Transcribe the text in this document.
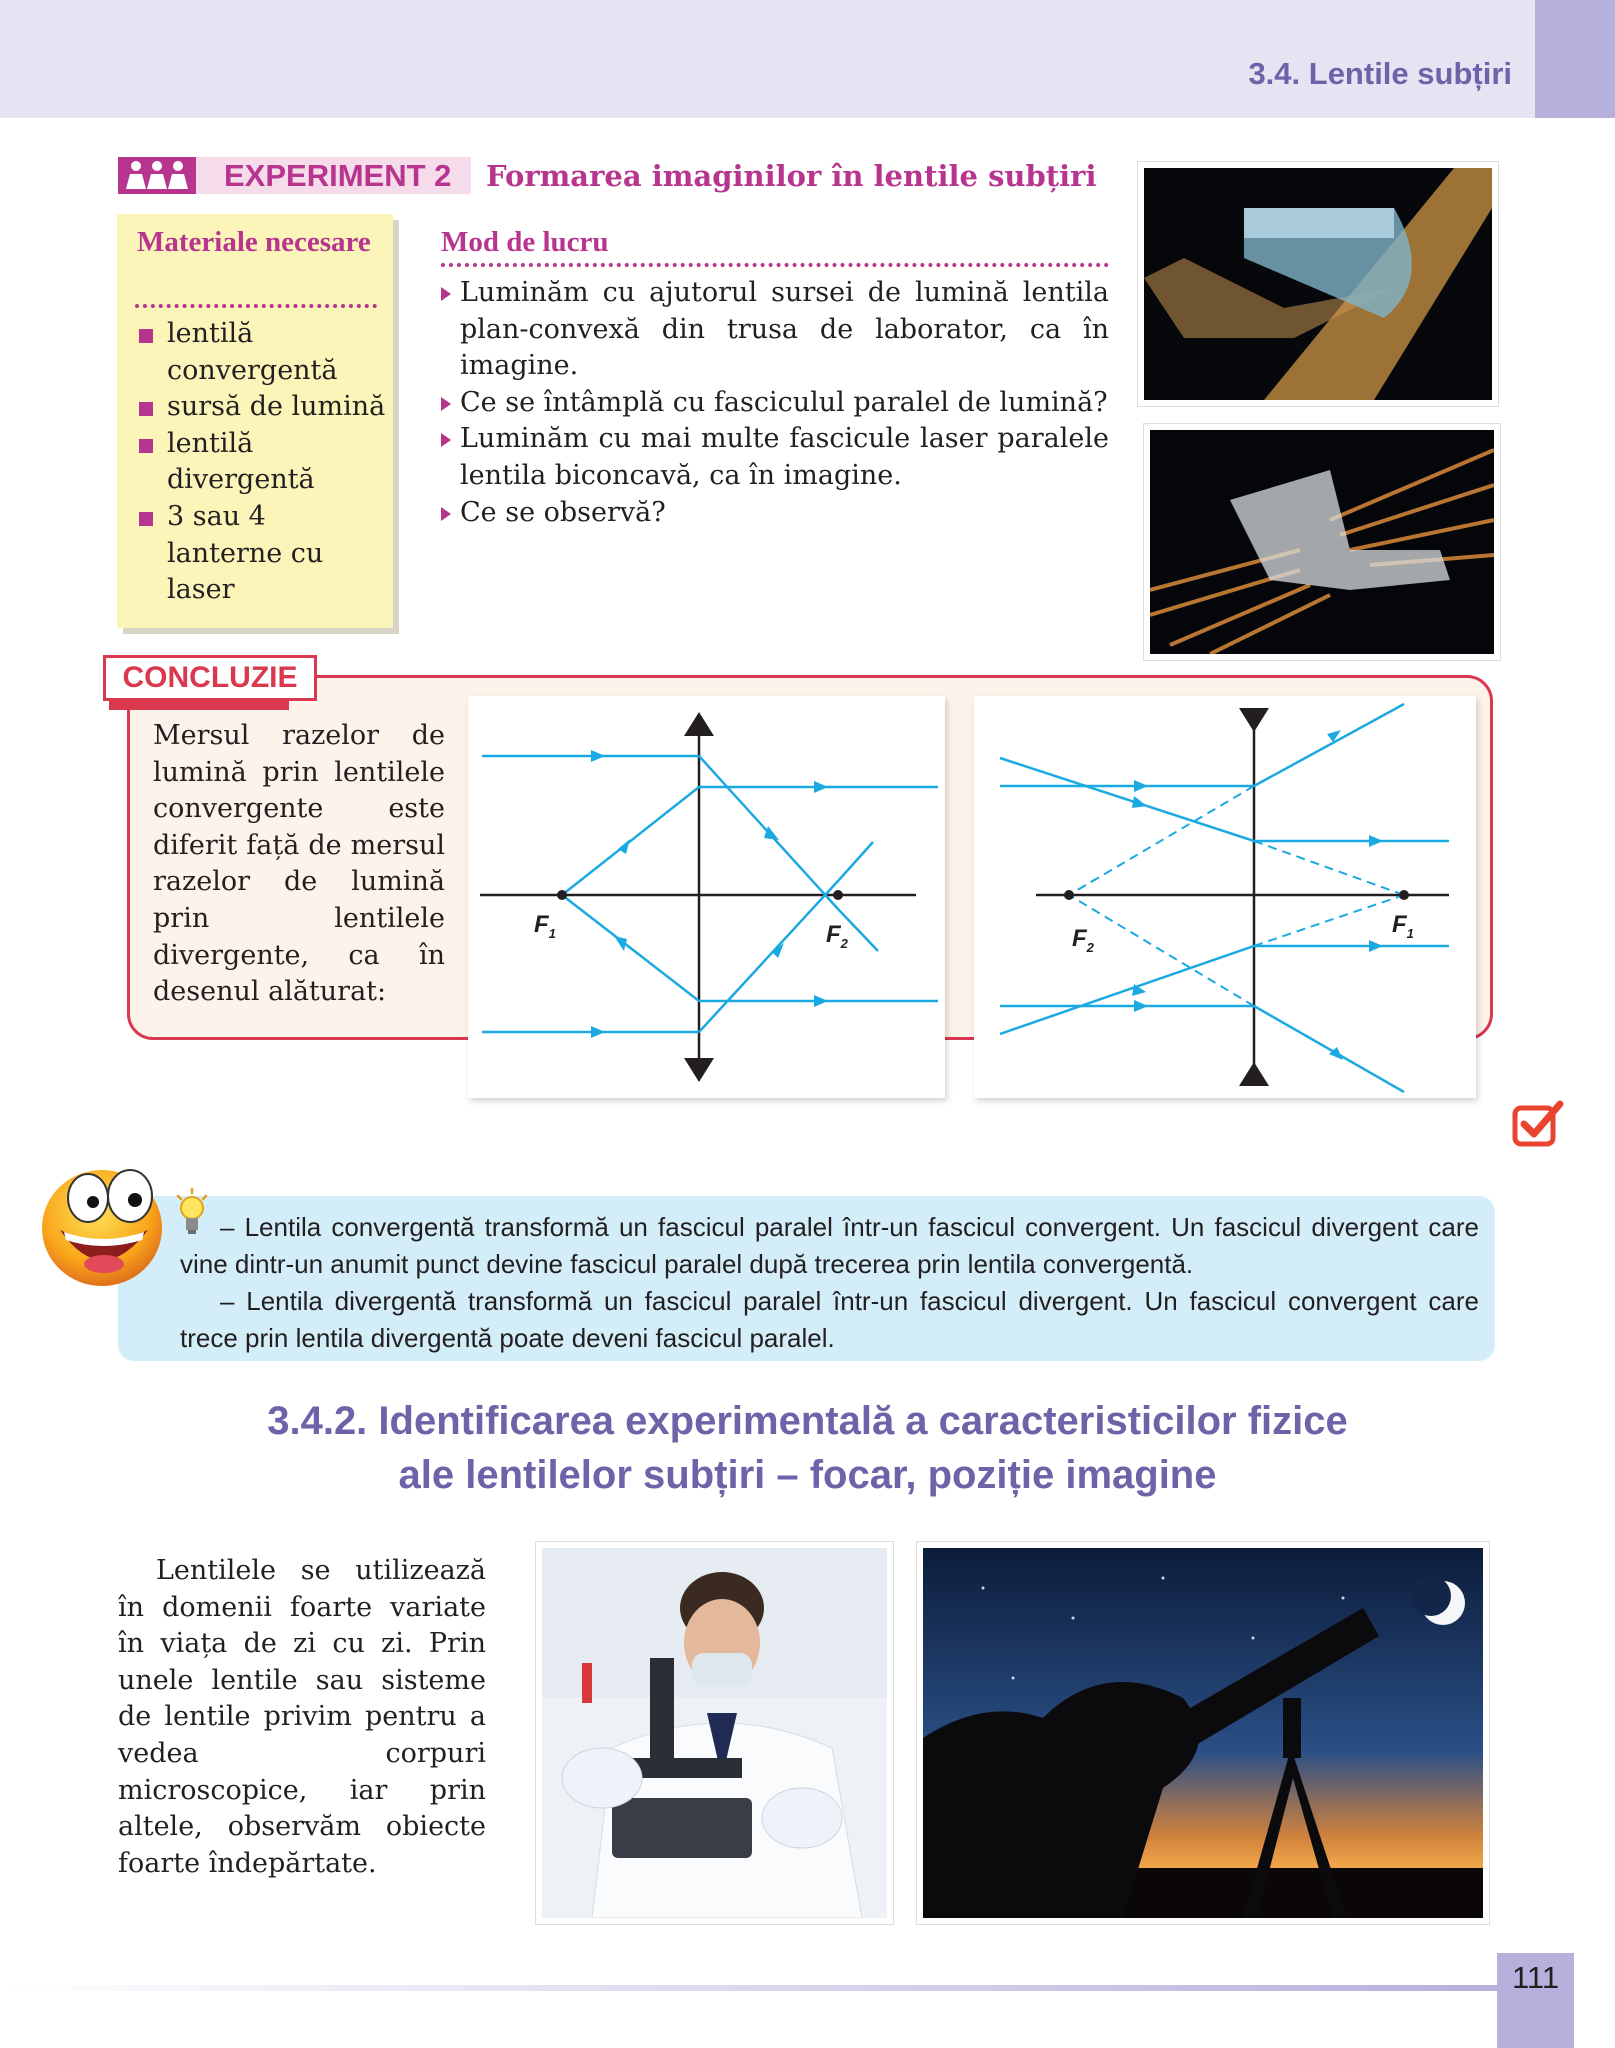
3.4. Lentile subțiri
EXPERIMENT 2	Formarea imaginilor în lentile subțiri
Materiale necesare
lentilă convergentă
sursă de lumină
lentilă divergentă
3 sau 4 lanterne cu laser
Mod de lucru
Luminăm cu ajutorul sursei de lumină lentila plan-convexă din trusa de laborator, ca în imagine.
Ce se întâmplă cu fasciculul paralel de lumină?
Luminăm cu mai multe fascicule laser paralele lentila biconcavă, ca în imagine.
Ce se observă?
CONCLUZIE
Mersul razelor de lumină prin lentilele convergente este diferit față de mersul razelor de lumină prin lentilele divergente, ca în desenul alăturat:
$F_1$	$F_2$	$F_2$
$F_1$

– Lentila convergentă transformă un fascicul paralel într-un fascicul convergent. Un fascicul divergent care vine dintr-un anumit punct devine fascicul paralel după trecerea prin lentila convergentă.

– Lentila divergentă transformă un fascicul paralel într-un fascicul divergent. Un fascicul convergent care trece prin lentila divergentă poate deveni fascicul paralel.

3.4.2. Identificarea experimentală a caracteristicilor fizice
ale lentilelor subțiri – focar, poziție imagine
Lentilele se utilizează în domenii foarte variate în viața de zi cu zi. Prin unele lentile sau sisteme de lentile privim pentru a vedea corpuri microscopice, iar prin altele, observăm obiecte foarte îndepărtate.
111
